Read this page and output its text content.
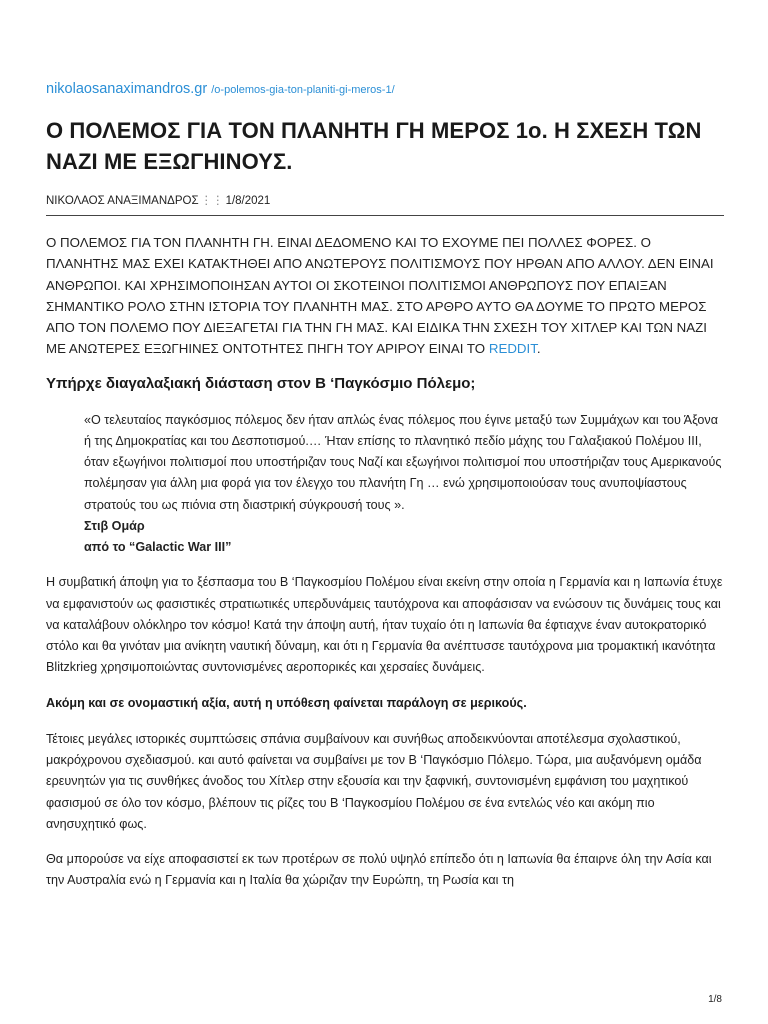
nikolaosanaximandros.gr /o-polemos-gia-ton-planiti-gi-meros-1/

Ο ΠΟΛΕΜΟΣ ΓΙΑ ΤΟΝ ΠΛΑΝΗΤΗ ΓΗ ΜΕΡΟΣ 1ο. Η ΣΧΕΣΗ ΤΩΝ ΝΑΖΙ ΜΕ ΕΞΩΓΗΙΝΟΥΣ.

ΝΙΚΟΛΑΟΣ ΑΝΑΞΙΜΑΝΔΡΟΣ ⋮⋮ 1/8/2021

Ο ΠΟΛΕΜΟΣ ΓΙΑ ΤΟΝ ΠΛΑΝΗΤΗ ΓΗ. ΕΙΝΑΙ ΔΕΔΟΜΕΝΟ ΚΑΙ ΤΟ ΕΧΟΥΜΕ ΠΕΙ ΠΟΛΛΕΣ ΦΟΡΕΣ. Ο ΠΛΑΝΗΤΗΣ ΜΑΣ ΕΧΕΙ ΚΑΤΑΚΤΗΘΕΙ ΑΠΟ ΑΝΩΤΕΡΟΥΣ ΠΟΛΙΤΙΣΜΟΥΣ ΠΟΥ ΗΡΘΑΝ ΑΠΟ ΑΛΛΟΥ. ΔΕΝ ΕΙΝΑΙ ΑΝΘΡΩΠΟΙ. ΚΑΙ ΧΡΗΣΙΜΟΠΟΙΗΣΑΝ ΑΥΤΟΙ ΟΙ ΣΚΟΤΕΙΝΟΙ ΠΟΛΙΤΙΣΜΟΙ ΑΝΘΡΩΠΟΥΣ ΠΟΥ ΕΠΑΙΞΑΝ ΣΗΜΑΝΤΙΚΟ ΡΟΛΟ ΣΤΗΝ ΙΣΤΟΡΙΑ ΤΟΥ ΠΛΑΝΗΤΗ ΜΑΣ. ΣΤΟ ΑΡΘΡΟ ΑΥΤΟ ΘΑ ΔΟΥΜΕ ΤΟ ΠΡΩΤΟ ΜΕΡΟΣ ΑΠΟ ΤΟΝ ΠΟΛΕΜΟ ΠΟΥ ΔΙΕΞΑΓΕΤΑΙ ΓΙΑ ΤΗΝ ΓΗ ΜΑΣ. ΚΑΙ ΕΙΔΙΚΑ ΤΗΝ ΣΧΕΣΗ ΤΟΥ ΧΙΤΛΕΡ ΚΑΙ ΤΩΝ ΝΑΖΙ ΜΕ ΑΝΩΤΕΡΕΣ ΕΞΩΓΗΙΝΕΣ ΟΝΤΟΤΗΤΕΣ ΠΗΓΗ ΤΟΥ ΑΡΙΡΟΥ ΕΙΝΑΙ ΤΟ REDDIT.

Υπήρχε διαγαλαξιακή διάσταση στον Β ‘Παγκόσμιο Πόλεμο;

«Ο τελευταίος παγκόσμιος πόλεμος δεν ήταν απλώς ένας πόλεμος που έγινε μεταξύ των Συμμάχων και του Άξονα ή της Δημοκρατίας και του Δεσποτισμού.… Ήταν επίσης το πλανητικό πεδίο μάχης του Γαλαξιακού Πολέμου ΙΙΙ, όταν εξωγήινοι πολιτισμοί που υποστήριζαν τους Ναζί και εξωγήινοι πολιτισμοί που υποστήριζαν τους Αμερικανούς πολέμησαν για άλλη μια φορά για τον έλεγχο του πλανήτη Γη … ενώ χρησιμοποιούσαν τους ανυποψίαστους στρατούς του ως πιόνια στη διαστρική σύγκρουσή τους ».

Στιβ Ομάρ

από το “Galactic War III”

Η συμβατική άποψη για το ξέσπασμα του Β ‘Παγκοσμίου Πολέμου είναι εκείνη στην οποία η Γερμανία και η Ιαπωνία έτυχε να εμφανιστούν ως φασιστικές στρατιωτικές υπερδυνάμεις ταυτόχρονα και αποφάσισαν να ενώσουν τις δυνάμεις τους και να καταλάβουν ολόκληρο τον κόσμο! Κατά την άποψη αυτή, ήταν τυχαίο ότι η Ιαπωνία θα έφτιαχνε έναν αυτοκρατορικό στόλο και θα γινόταν μια ανίκητη ναυτική δύναμη, και ότι η Γερμανία θα ανέπτυσσε ταυτόχρονα μια τρομακτική ικανότητα Blitzkrieg χρησιμοποιώντας συντονισμένες αεροπορικές και χερσαίες δυνάμεις.

Ακόμη και σε ονομαστική αξία, αυτή η υπόθεση φαίνεται παράλογη σε μερικούς.

Τέτοιες μεγάλες ιστορικές συμπτώσεις σπάνια συμβαίνουν και συνήθως αποδεικνύονται αποτέλεσμα σχολαστικού, μακρόχρονου σχεδιασμού. και αυτό φαίνεται να συμβαίνει με τον Β ‘Παγκόσμιο Πόλεμο. Τώρα, μια αυξανόμενη ομάδα ερευνητών για τις συνθήκες άνοδος του Χίτλερ στην εξουσία και την ξαφνική, συντονισμένη εμφάνιση του μαχητικού φασισμού σε όλο τον κόσμο, βλέπουν τις ρίζες του Β ‘Παγκοσμίου Πολέμου σε ένα εντελώς νέο και ακόμη πιο ανησυχητικό φως.

Θα μπορούσε να είχε αποφασιστεί εκ των προτέρων σε πολύ υψηλό επίπεδο ότι η Ιαπωνία θα έπαιρνε όλη την Ασία και την Αυστραλία ενώ η Γερμανία και η Ιταλία θα χώριζαν την Ευρώπη, τη Ρωσία και τη

1/8
